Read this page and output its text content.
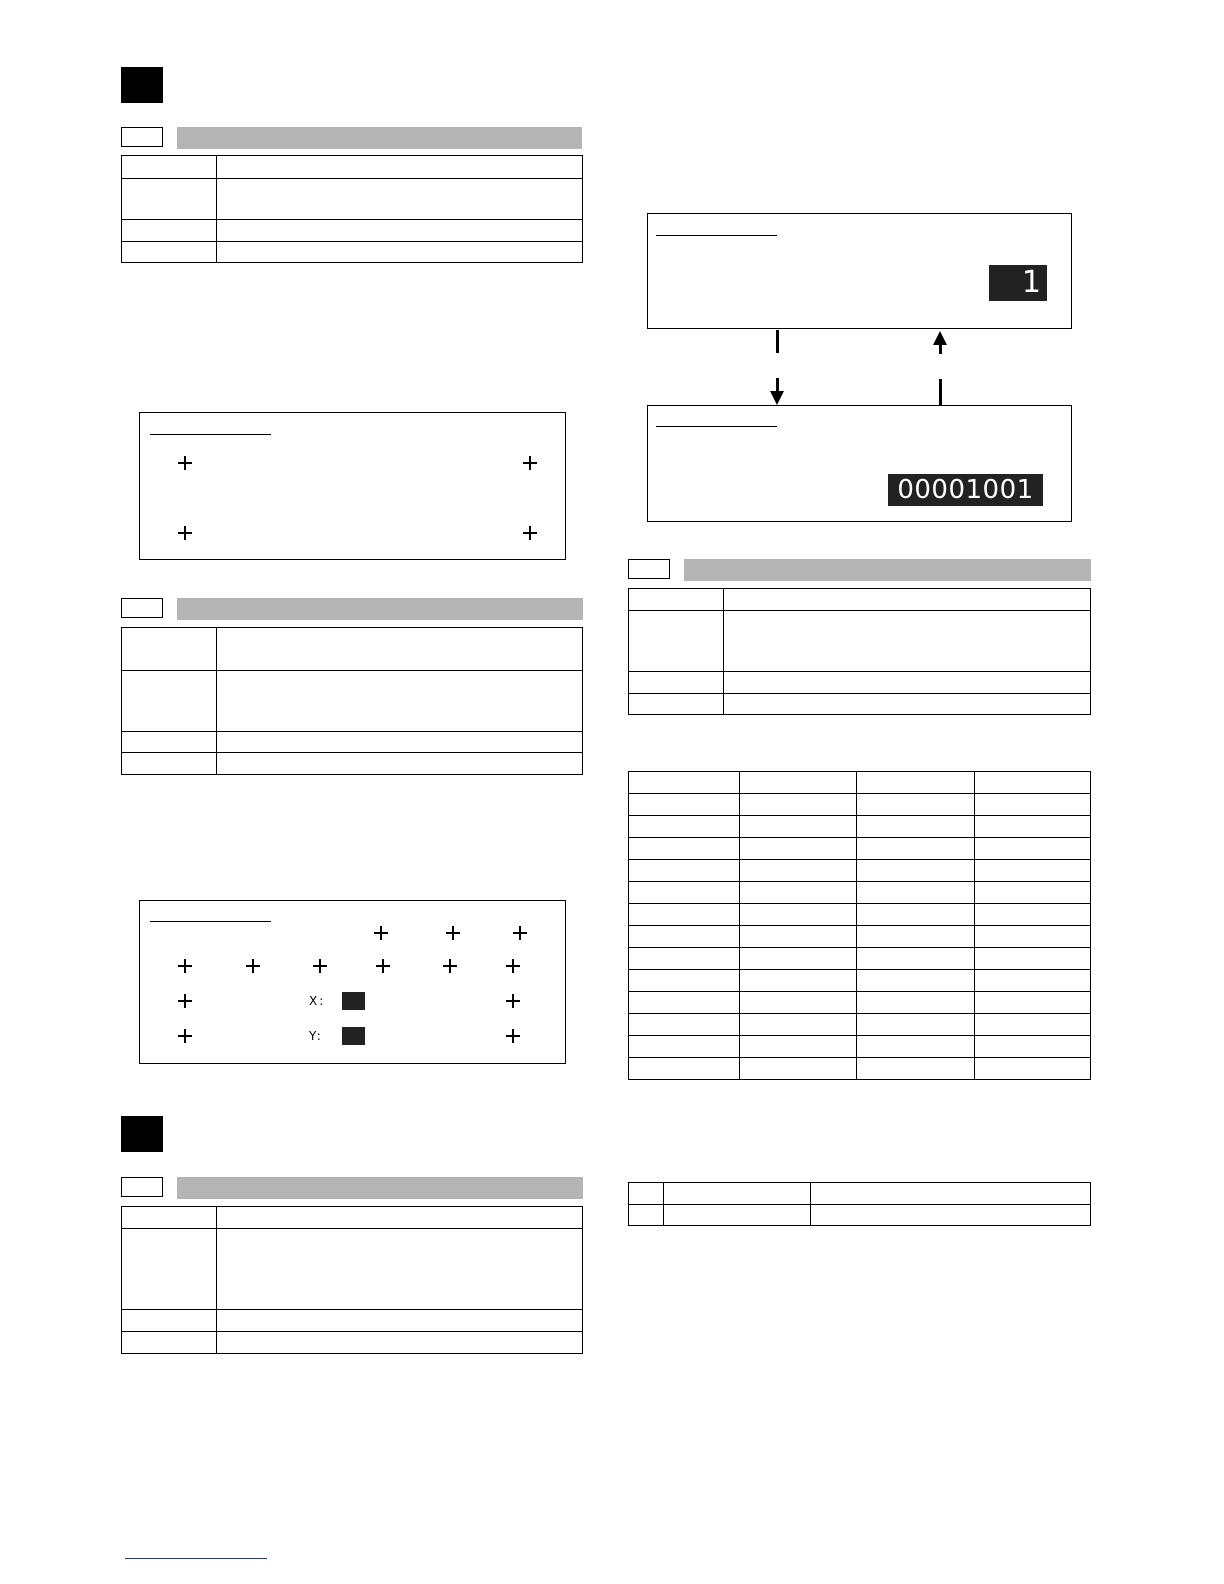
X:
Y:

1
00001001
